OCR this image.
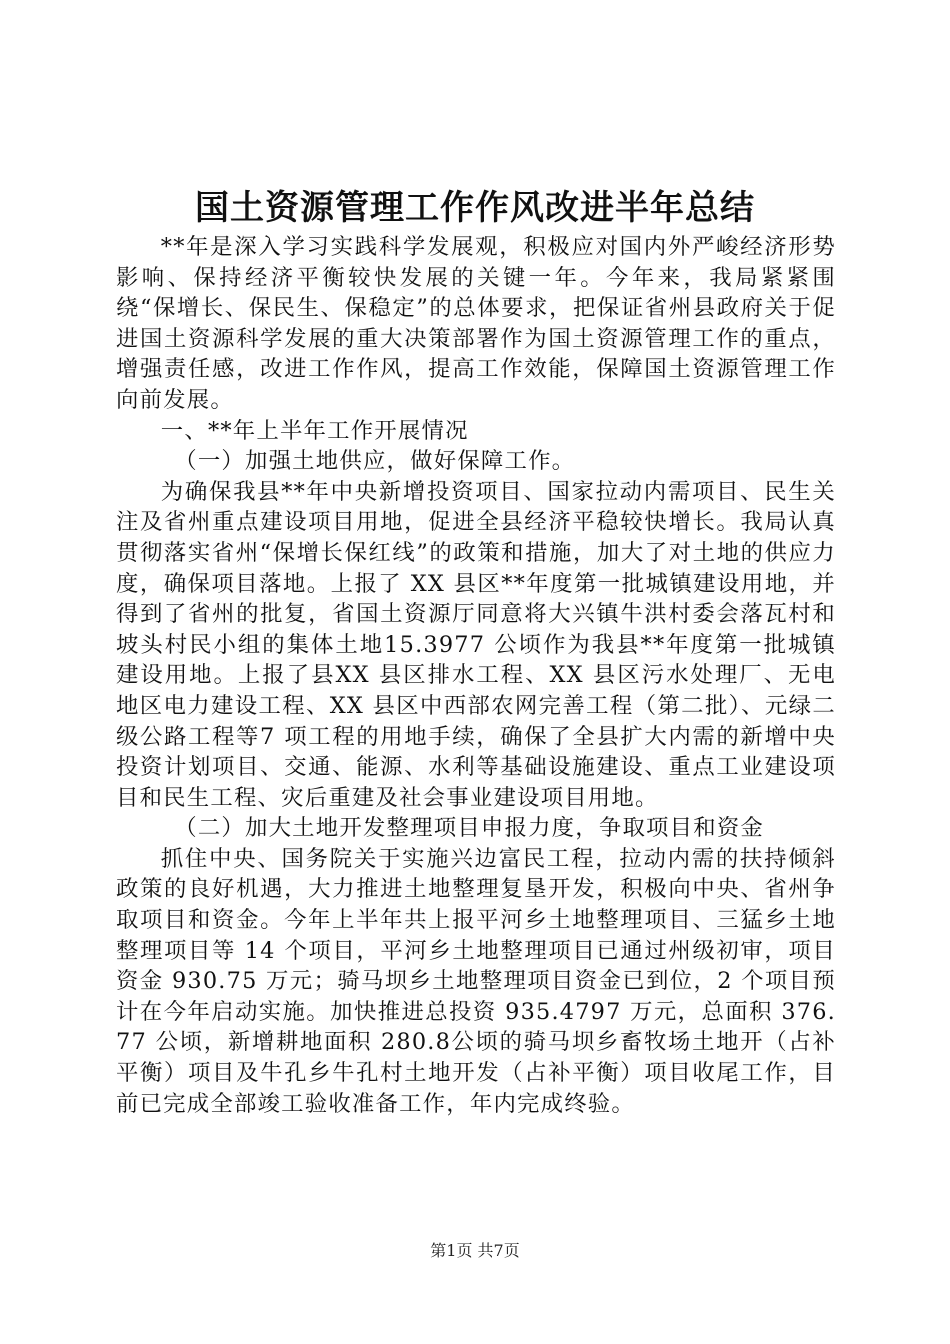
国土资源管理工作作风改进半年总结

**年是深入学习实践科学发展观，积极应对国内外严峻经济形势影响、保持经济平衡较快发展的关键一年。今年来，我局紧紧围绕“保增长、保民生、保稳定”的总体要求，把保证省州县政府关于促进国土资源科学发展的重大决策部署作为国土资源管理工作的重点，增强责任感，改进工作作风，提高工作效能，保障国土资源管理工作向前发展。

一、**年上半年工作开展情况

（一）加强土地供应，做好保障工作。

为确保我县**年中央新增投资项目、国家拉动内需项目、民生关注及省州重点建设项目用地，促进全县经济平稳较快增长。我局认真贯彻落实省州“保增长保红线”的政策和措施，加大了对土地的供应力度，确保项目落地。上报了 XX 县区**年度第一批城镇建设用地，并得到了省州的批复，省国土资源厅同意将大兴镇牛洪村委会落瓦村和坡头村民小组的集体土地15.3977 公顷作为我县**年度第一批城镇建设用地。上报了县XX 县区排水工程、XX 县区污水处理厂、无电地区电力建设工程、XX 县区中西部农网完善工程（第二批）、元绿二级公路工程等7 项工程的用地手续，确保了全县扩大内需的新增中央投资计划项目、交通、能源、水利等基础设施建设、重点工业建设项目和民生工程、灾后重建及社会事业建设项目用地。

（二）加大土地开发整理项目申报力度，争取项目和资金

抓住中央、国务院关于实施兴边富民工程，拉动内需的扶持倾斜政策的良好机遇，大力推进土地整理复垦开发，积极向中央、省州争取项目和资金。今年上半年共上报平河乡土地整理项目、三猛乡土地整理项目等 14 个项目，平河乡土地整理项目已通过州级初审，项目资金 930.75 万元；骑马坝乡土地整理项目资金已到位，2 个项目预计在今年启动实施。加快推进总投资 935.4797 万元，总面积 376.77 公顷，新增耕地面积 280.8公顷的骑马坝乡畜牧场土地开（占补平衡）项目及牛孔乡牛孔村土地开发（占补平衡）项目收尾工作，目前已完成全部竣工验收准备工作，年内完成终验。

第1页 共7页
